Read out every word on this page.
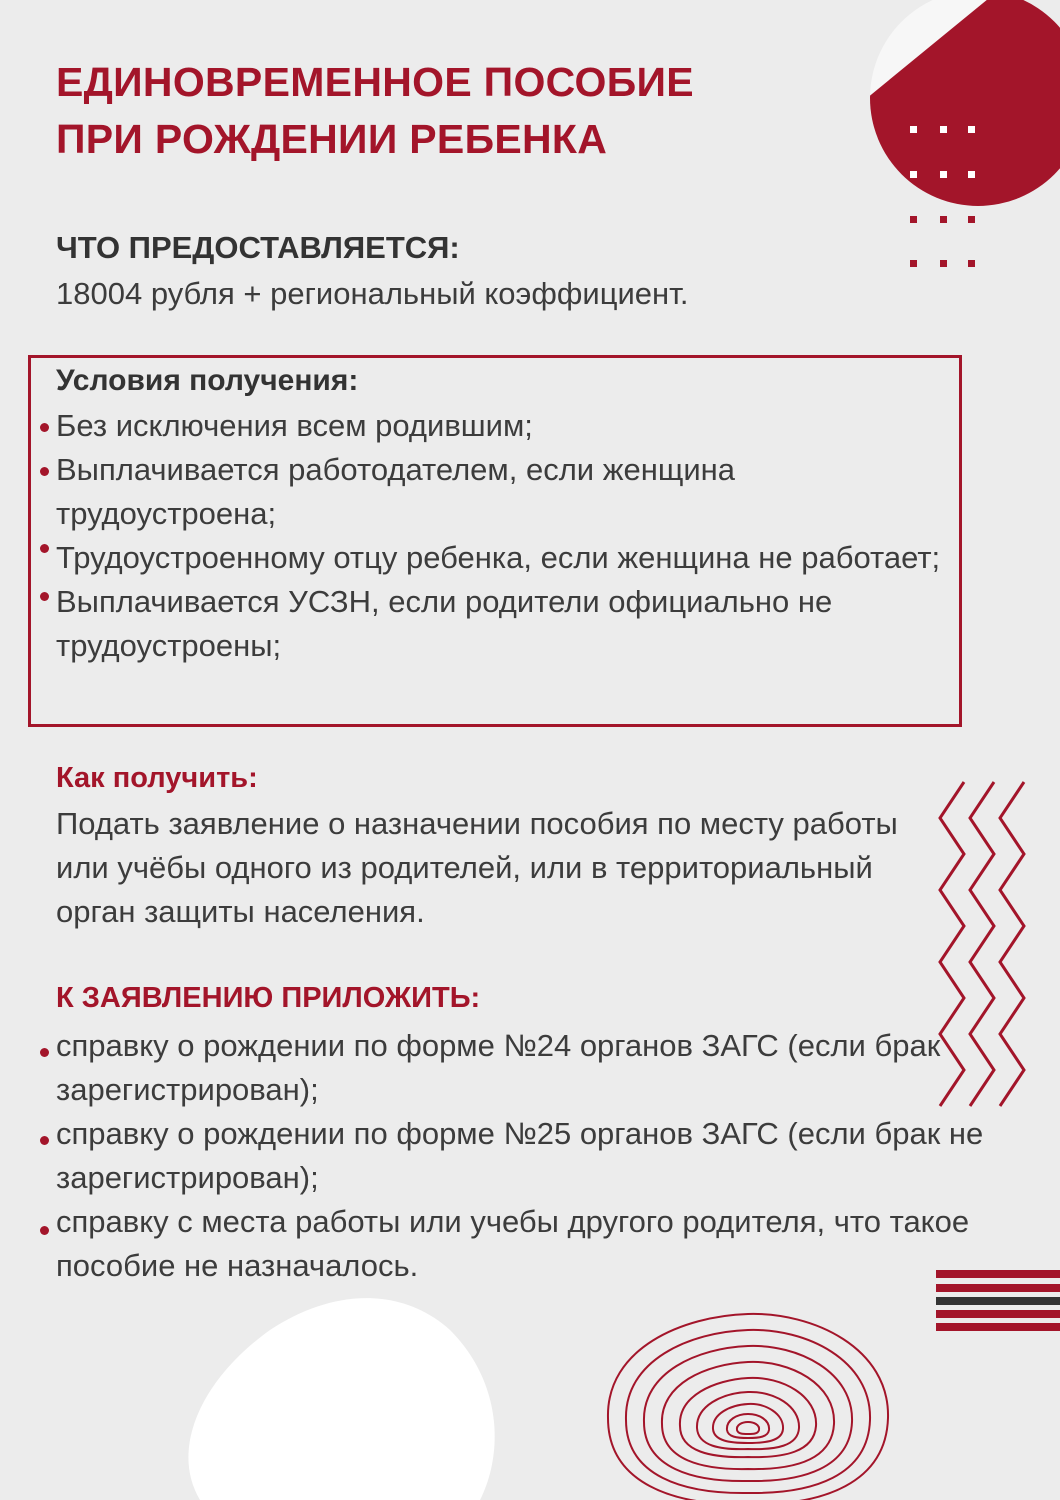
ЕДИНОВРЕМЕННОЕ ПОСОБИЕ
ПРИ РОЖДЕНИИ РЕБЕНКА
ЧТО ПРЕДОСТАВЛЯЕТСЯ:

18004 рубля + региональный коэффициент.

Условия получения:
Без исключения всем родившим;
Выплачивается работодателем, если женщина трудоустроена;
Трудоустроенному отцу ребенка, если женщина не работает;
Выплачивается УСЗН, если родители официально не трудоустроены;
Как получить:

Подать заявление о назначении пособия по месту работы или учёбы одного из родителей, или в территориальный орган защиты населения.

К ЗАЯВЛЕНИЮ ПРИЛОЖИТЬ:
справку о рождении по форме №24 органов ЗАГС (если брак зарегистрирован);
справку о рождении по форме №25 органов ЗАГС (если брак не зарегистрирован);
справку с места работы или учебы другого родителя, что такое пособие не назначалось.
